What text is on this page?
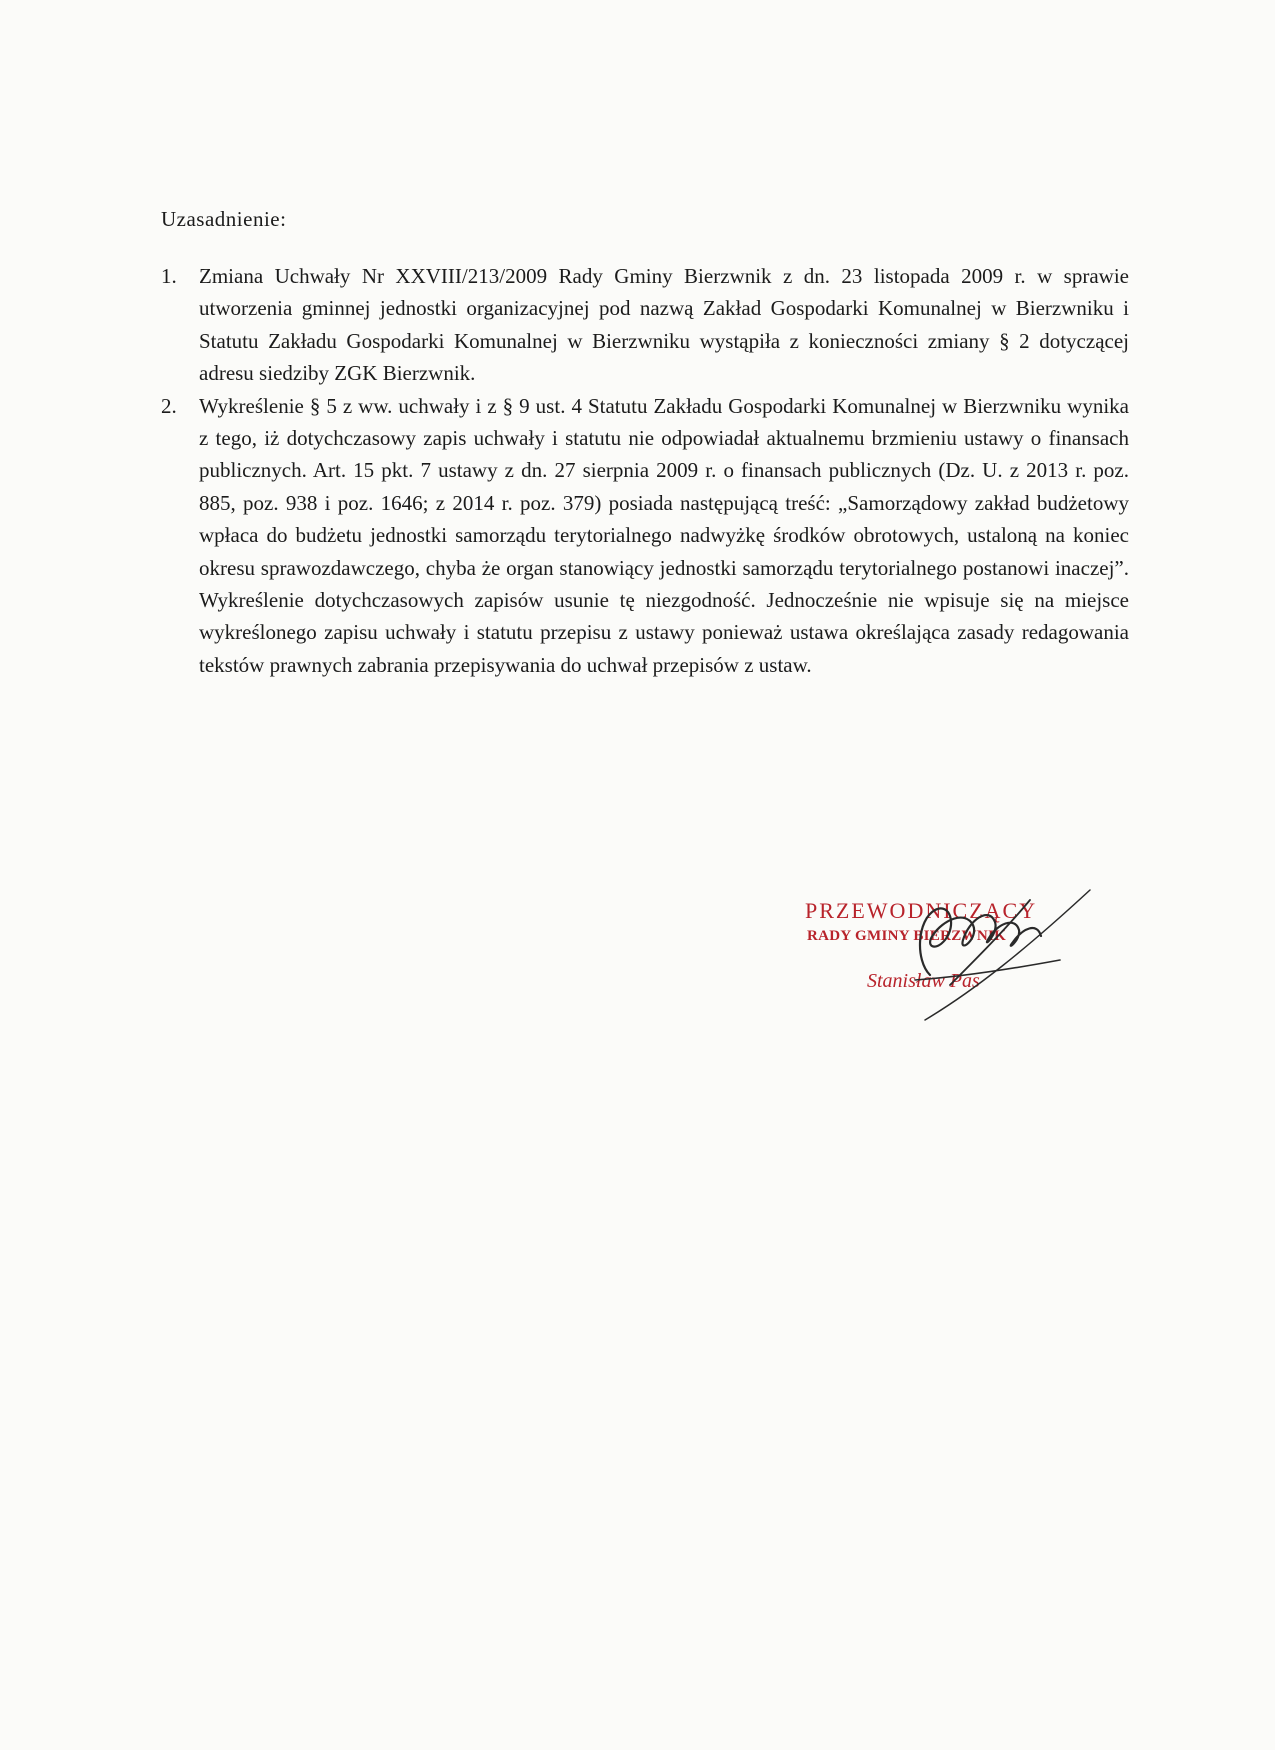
Uzasadnienie:
1. Zmiana Uchwały Nr XXVIII/213/2009 Rady Gminy Bierzwnik z dn. 23 listopada 2009 r. w sprawie utworzenia gminnej jednostki organizacyjnej pod nazwą Zakład Gospodarki Komunalnej w Bierzwniku i Statutu Zakładu Gospodarki Komunalnej w Bierzwniku wystąpiła z konieczności zmiany § 2 dotyczącej adresu siedziby ZGK Bierzwnik.
2. Wykreślenie § 5 z ww. uchwały i z § 9 ust. 4 Statutu Zakładu Gospodarki Komunalnej w Bierzwniku wynika z tego, iż dotychczasowy zapis uchwały i statutu nie odpowiadał aktualnemu brzmieniu ustawy o finansach publicznych. Art. 15 pkt. 7 ustawy z dn. 27 sierpnia 2009 r. o finansach publicznych (Dz. U. z 2013 r. poz. 885, poz. 938 i poz. 1646; z 2014 r. poz. 379) posiada następującą treść: „Samorządowy zakład budżetowy wpłaca do budżetu jednostki samorządu terytorialnego nadwyżkę środków obrotowych, ustaloną na koniec okresu sprawozdawczego, chyba że organ stanowiący jednostki samorządu terytorialnego postanowi inaczej”. Wykreślenie dotychczasowych zapisów usunie tę niezgodność. Jednocześnie nie wpisuje się na miejsce wykreślonego zapisu uchwały i statutu przepisu z ustawy ponieważ ustawa określająca zasady redagowania tekstów prawnych zabrania przepisywania do uchwał przepisów z ustaw.
PRZEWODNICZĄCY
RADY GMINY BIERZWNIK
Stanisław Pas
